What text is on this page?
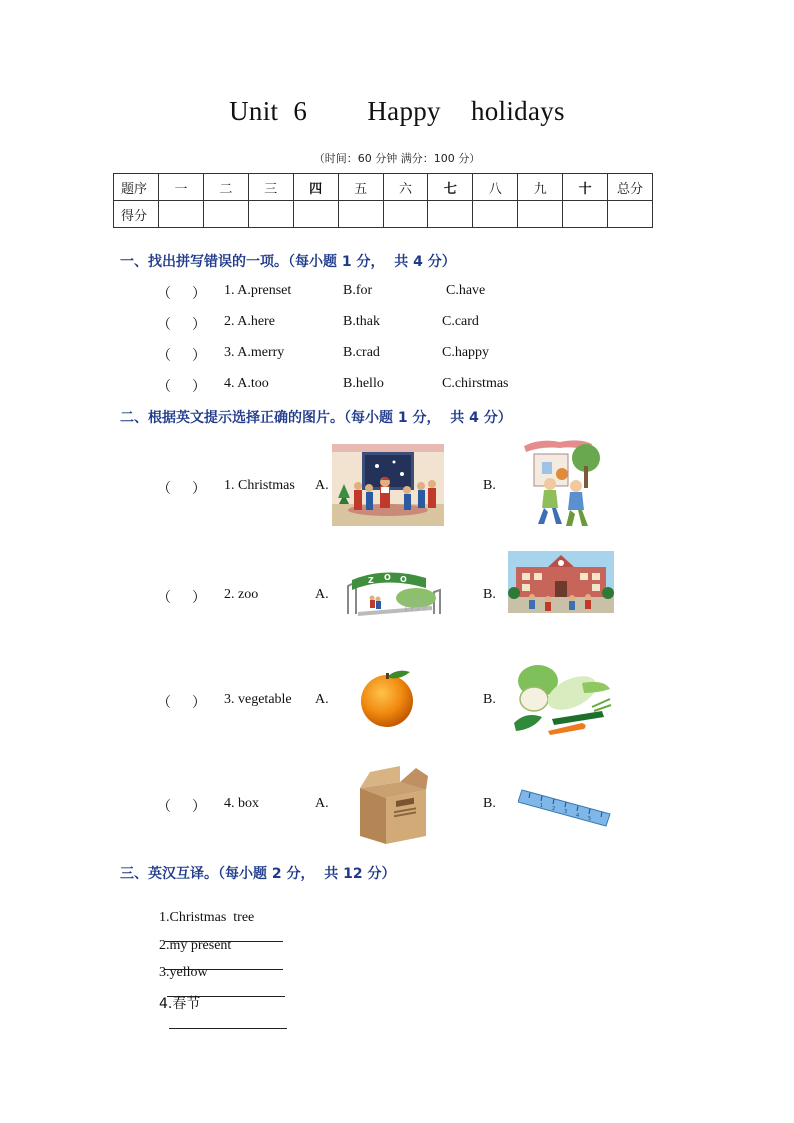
Unit 6    Happy  holidays
（时间：60 分钟 满分：100 分）
题序	一	二	三	四	五	六	七	八	九	十	总分
得分											
一、找出拼写错误的一项。（每小题 1 分，  共 4 分）
（      ） 1. A.prenset	B.for	C.have
（      ） 2. A.here	B.thak	C.card
（      ） 3. A.merry	B.crad	C.happy
（      ） 4. A.too	B.hello	C.chirstmas
二、根据英文提示选择正确的图片。（每小题 1 分，  共 4 分）
（      ） 1. Christmas A.	B.
（      ） 2. zoo	A.
Z O O
B.
（      ） 3. vegetable A.	B.
（      ） 4. box	A.	B.	1 2 3
4 5
三、英汉互译。（每小题 2 分，  共 12 分）

1.Christmas  tree

2.my present

3.yellow

4.春节
